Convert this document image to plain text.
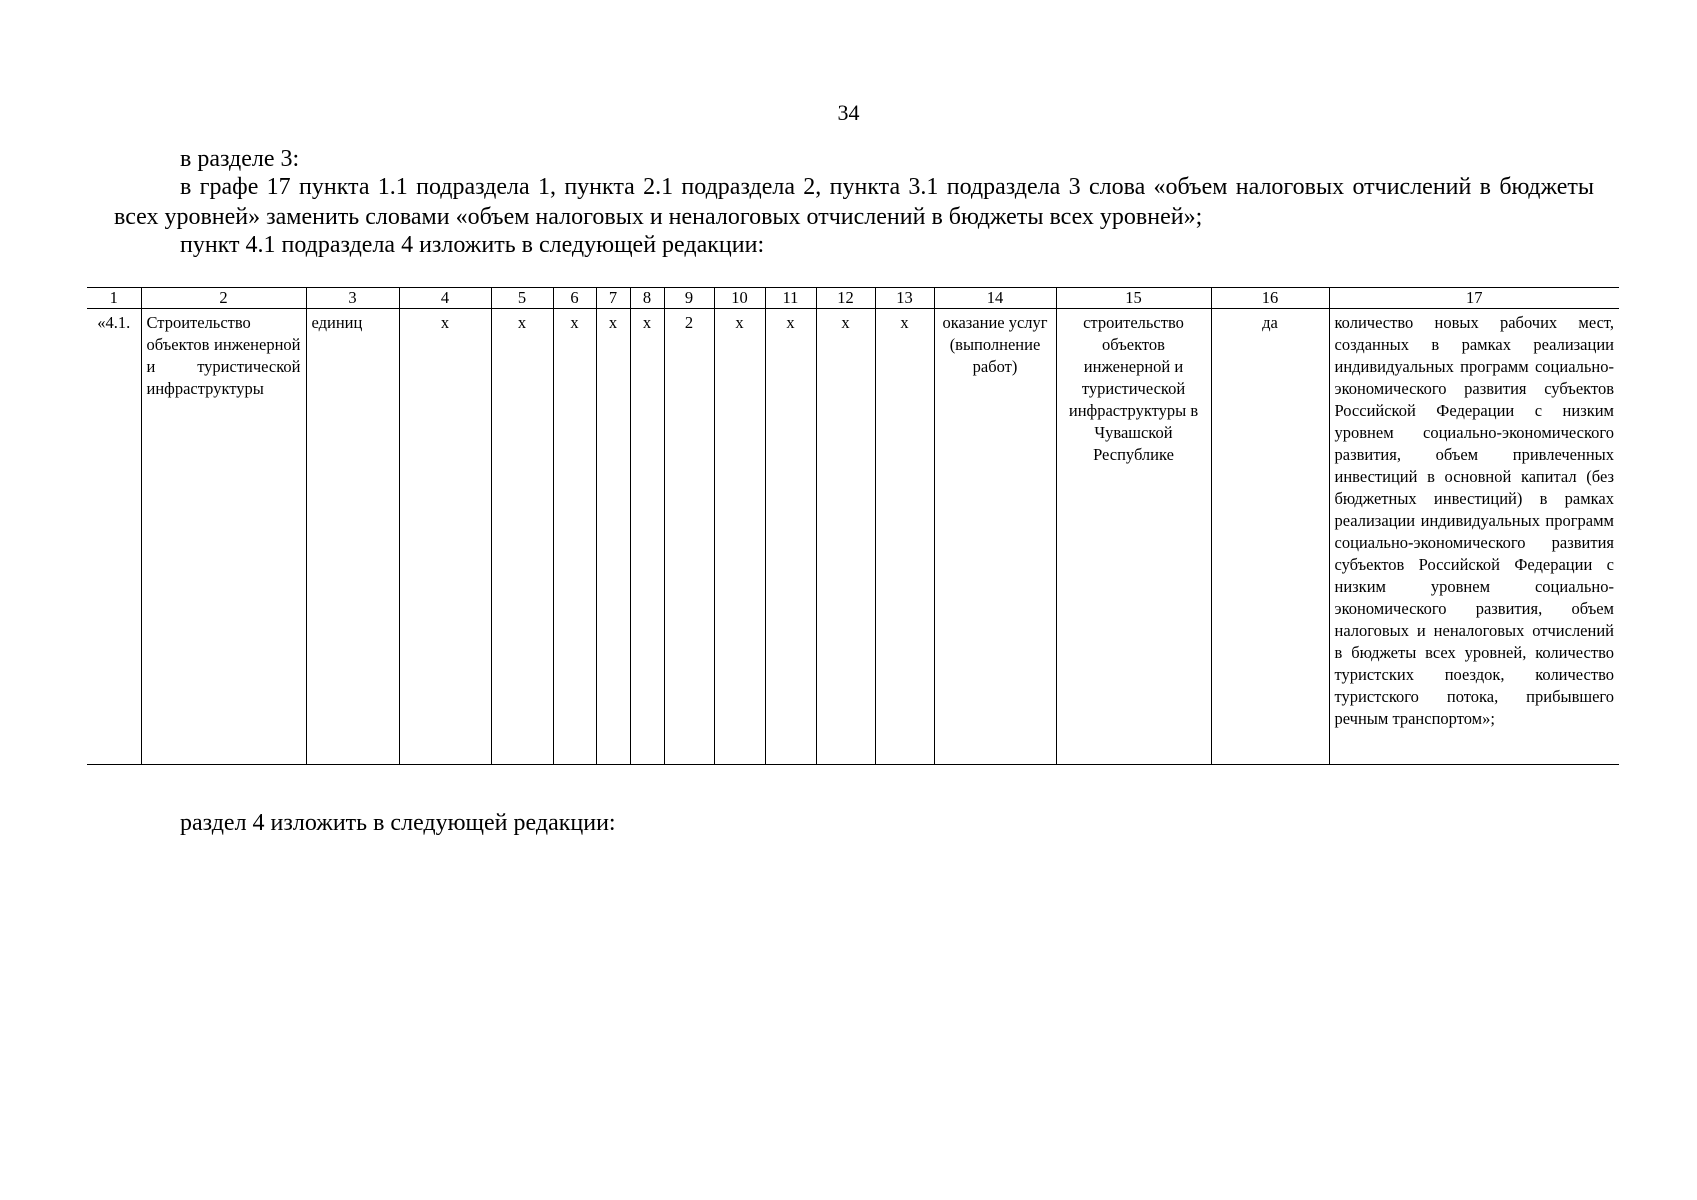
34
в разделе 3:
в графе 17 пункта 1.1 подраздела 1, пункта 2.1 подраздела 2, пункта 3.1 подраздела 3 слова «объем налоговых отчислений в бюджеты всех уровней» заменить словами «объем налоговых и неналоговых отчислений в бюджеты всех уровней»;
пункт 4.1 подраздела 4 изложить в следующей редакции:
1	2	3	4	5	6	7	8	9	10	11	12	13	14	15	16	17
«4.1.	Строительство объектов инженерной и туристической инфраструктуры	единиц	х	х	х	х	х	2	х	х	х	х	оказание услуг (выполнение работ)	строительство объектов инженерной и туристической инфраструктуры в Чувашской Республике	да	количество новых рабочих мест, созданных в рамках реализации индивидуальных программ социально-экономического развития субъектов Российской Федерации с низким уровнем социально-экономического развития, объем привлеченных инвестиций в основной капитал (без бюджетных инвестиций) в рамках реализации индивидуальных программ социально-экономического развития субъектов Российской Федерации с низким уровнем социально-экономического развития, объем налоговых и неналоговых отчислений в бюджеты всех уровней, количество туристских поездок, количество туристского потока, прибывшего речным транспортом»;
раздел 4 изложить в следующей редакции:
